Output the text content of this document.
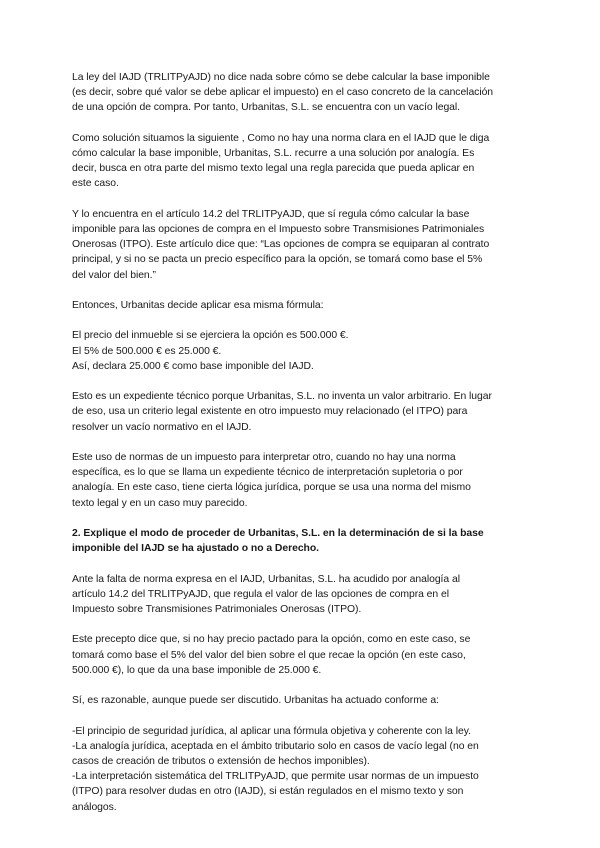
La ley del IAJD (TRLITPyAJD) no dice nada sobre cómo se debe calcular la base imponible
(es decir, sobre qué valor se debe aplicar el impuesto) en el caso concreto de la cancelación
de una opción de compra. Por tanto, Urbanitas, S.L. se encuentra con un vacío legal.

Como solución situamos la siguiente , Como no hay una norma clara en el IAJD que le diga
cómo calcular la base imponible, Urbanitas, S.L. recurre a una solución por analogía. Es
decir, busca en otra parte del mismo texto legal una regla parecida que pueda aplicar en
este caso.

Y lo encuentra en el artículo 14.2 del TRLITPyAJD, que sí regula cómo calcular la base
imponible para las opciones de compra en el Impuesto sobre Transmisiones Patrimoniales
Onerosas (ITPO). Este artículo dice que: “Las opciones de compra se equiparan al contrato
principal, y si no se pacta un precio específico para la opción, se tomará como base el 5%
del valor del bien.”

Entonces, Urbanitas decide aplicar esa misma fórmula:

El precio del inmueble si se ejerciera la opción es 500.000 €.
El 5% de 500.000 € es 25.000 €.
Así, declara 25.000 € como base imponible del IAJD.

Esto es un expediente técnico porque Urbanitas, S.L. no inventa un valor arbitrario. En lugar
de eso, usa un criterio legal existente en otro impuesto muy relacionado (el ITPO) para
resolver un vacío normativo en el IAJD.

Este uso de normas de un impuesto para interpretar otro, cuando no hay una norma
específica, es lo que se llama un expediente técnico de interpretación supletoria o por
analogía. En este caso, tiene cierta lógica jurídica, porque se usa una norma del mismo
texto legal y en un caso muy parecido.

2. Explique el modo de proceder de Urbanitas, S.L. en la determinación de si la base
imponible del IAJD se ha ajustado o no a Derecho.

Ante la falta de norma expresa en el IAJD, Urbanitas, S.L. ha acudido por analogía al
artículo 14.2 del TRLITPyAJD, que regula el valor de las opciones de compra en el
Impuesto sobre Transmisiones Patrimoniales Onerosas (ITPO).

Este precepto dice que, si no hay precio pactado para la opción, como en este caso, se
tomará como base el 5% del valor del bien sobre el que recae la opción (en este caso,
500.000 €), lo que da una base imponible de 25.000 €.

Sí, es razonable, aunque puede ser discutido. Urbanitas ha actuado conforme a:

-El principio de seguridad jurídica, al aplicar una fórmula objetiva y coherente con la ley.
-La analogía jurídica, aceptada en el ámbito tributario solo en casos de vacío legal (no en
casos de creación de tributos o extensión de hechos imponibles).
-La interpretación sistemática del TRLITPyAJD, que permite usar normas de un impuesto
(ITPO) para resolver dudas en otro (IAJD), si están regulados en el mismo texto y son
análogos.
